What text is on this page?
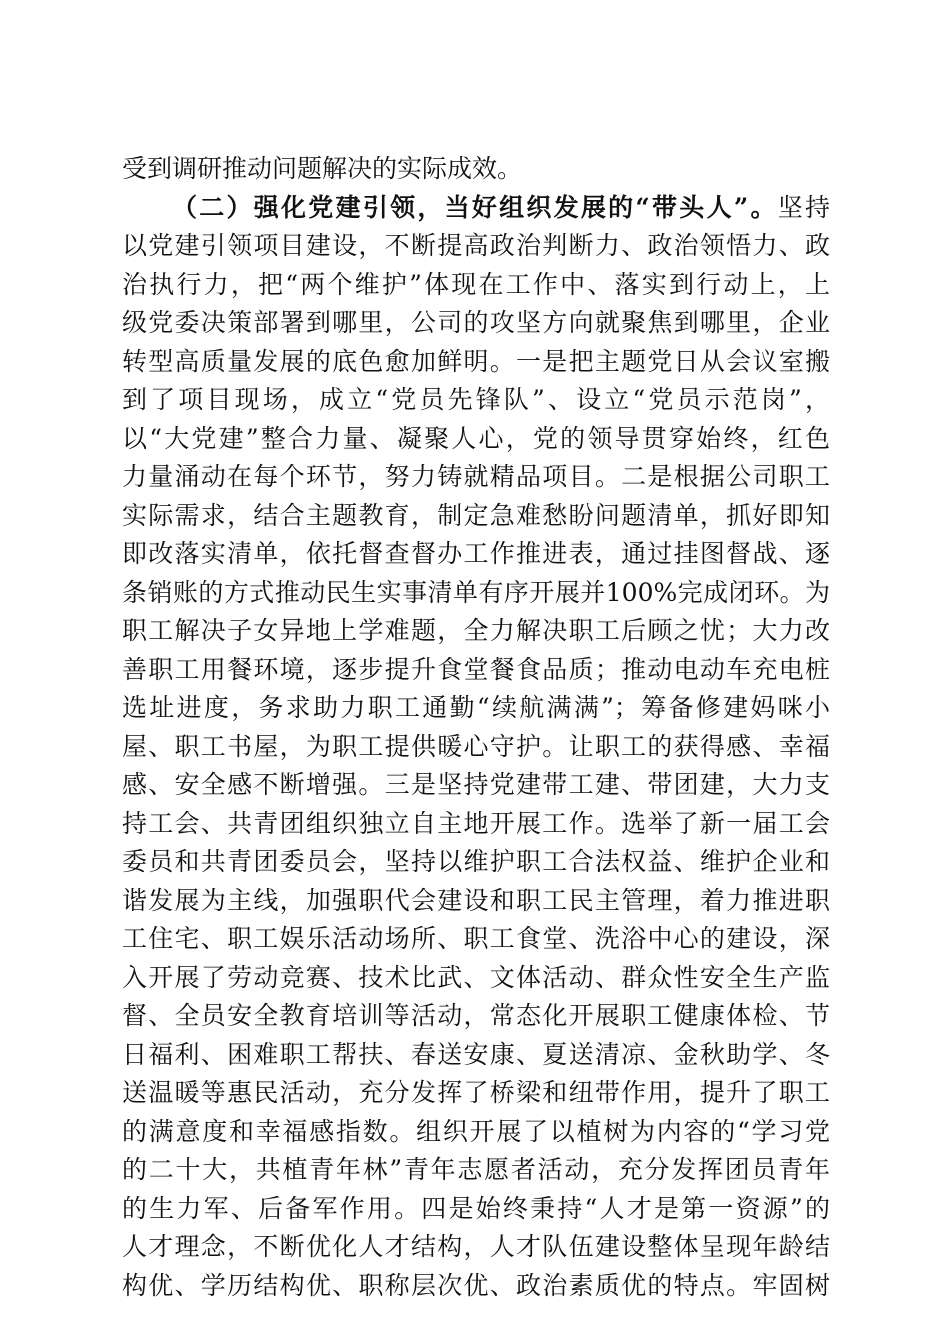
受到调研推动问题解决的实际成效。
（二）强化党建引领，当好组织发展的“带头人”。坚持
以党建引领项目建设，不断提高政治判断力、政治领悟力、政
治执行力，把“两个维护”体现在工作中、落实到行动上，上
级党委决策部署到哪里，公司的攻坚方向就聚焦到哪里，企业
转型高质量发展的底色愈加鲜明。一是把主题党日从会议室搬
到了项目现场，成立“党员先锋队”、设立“党员示范岗”，
以“大党建”整合力量、凝聚人心，党的领导贯穿始终，红色
力量涌动在每个环节，努力铸就精品项目。二是根据公司职工
实际需求，结合主题教育，制定急难愁盼问题清单，抓好即知
即改落实清单，依托督查督办工作推进表，通过挂图督战、逐
条销账的方式推动民生实事清单有序开展并100%完成闭环。为
职工解决子女异地上学难题，全力解决职工后顾之忧；大力改
善职工用餐环境，逐步提升食堂餐食品质；推动电动车充电桩
选址进度，务求助力职工通勤“续航满满”；筹备修建妈咪小
屋、职工书屋，为职工提供暖心守护。让职工的获得感、幸福
感、安全感不断增强。三是坚持党建带工建、带团建，大力支
持工会、共青团组织独立自主地开展工作。选举了新一届工会
委员和共青团委员会，坚持以维护职工合法权益、维护企业和
谐发展为主线，加强职代会建设和职工民主管理，着力推进职
工住宅、职工娱乐活动场所、职工食堂、洗浴中心的建设，深
入开展了劳动竞赛、技术比武、文体活动、群众性安全生产监
督、全员安全教育培训等活动，常态化开展职工健康体检、节
日福利、困难职工帮扶、春送安康、夏送清凉、金秋助学、冬
送温暖等惠民活动，充分发挥了桥梁和纽带作用，提升了职工
的满意度和幸福感指数。组织开展了以植树为内容的“学习党
的二十大，共植青年林”青年志愿者活动，充分发挥团员青年
的生力军、后备军作用。四是始终秉持“人才是第一资源”的
人才理念，不断优化人才结构，人才队伍建设整体呈现年龄结
构优、学历结构优、职称层次优、政治素质优的特点。牢固树
